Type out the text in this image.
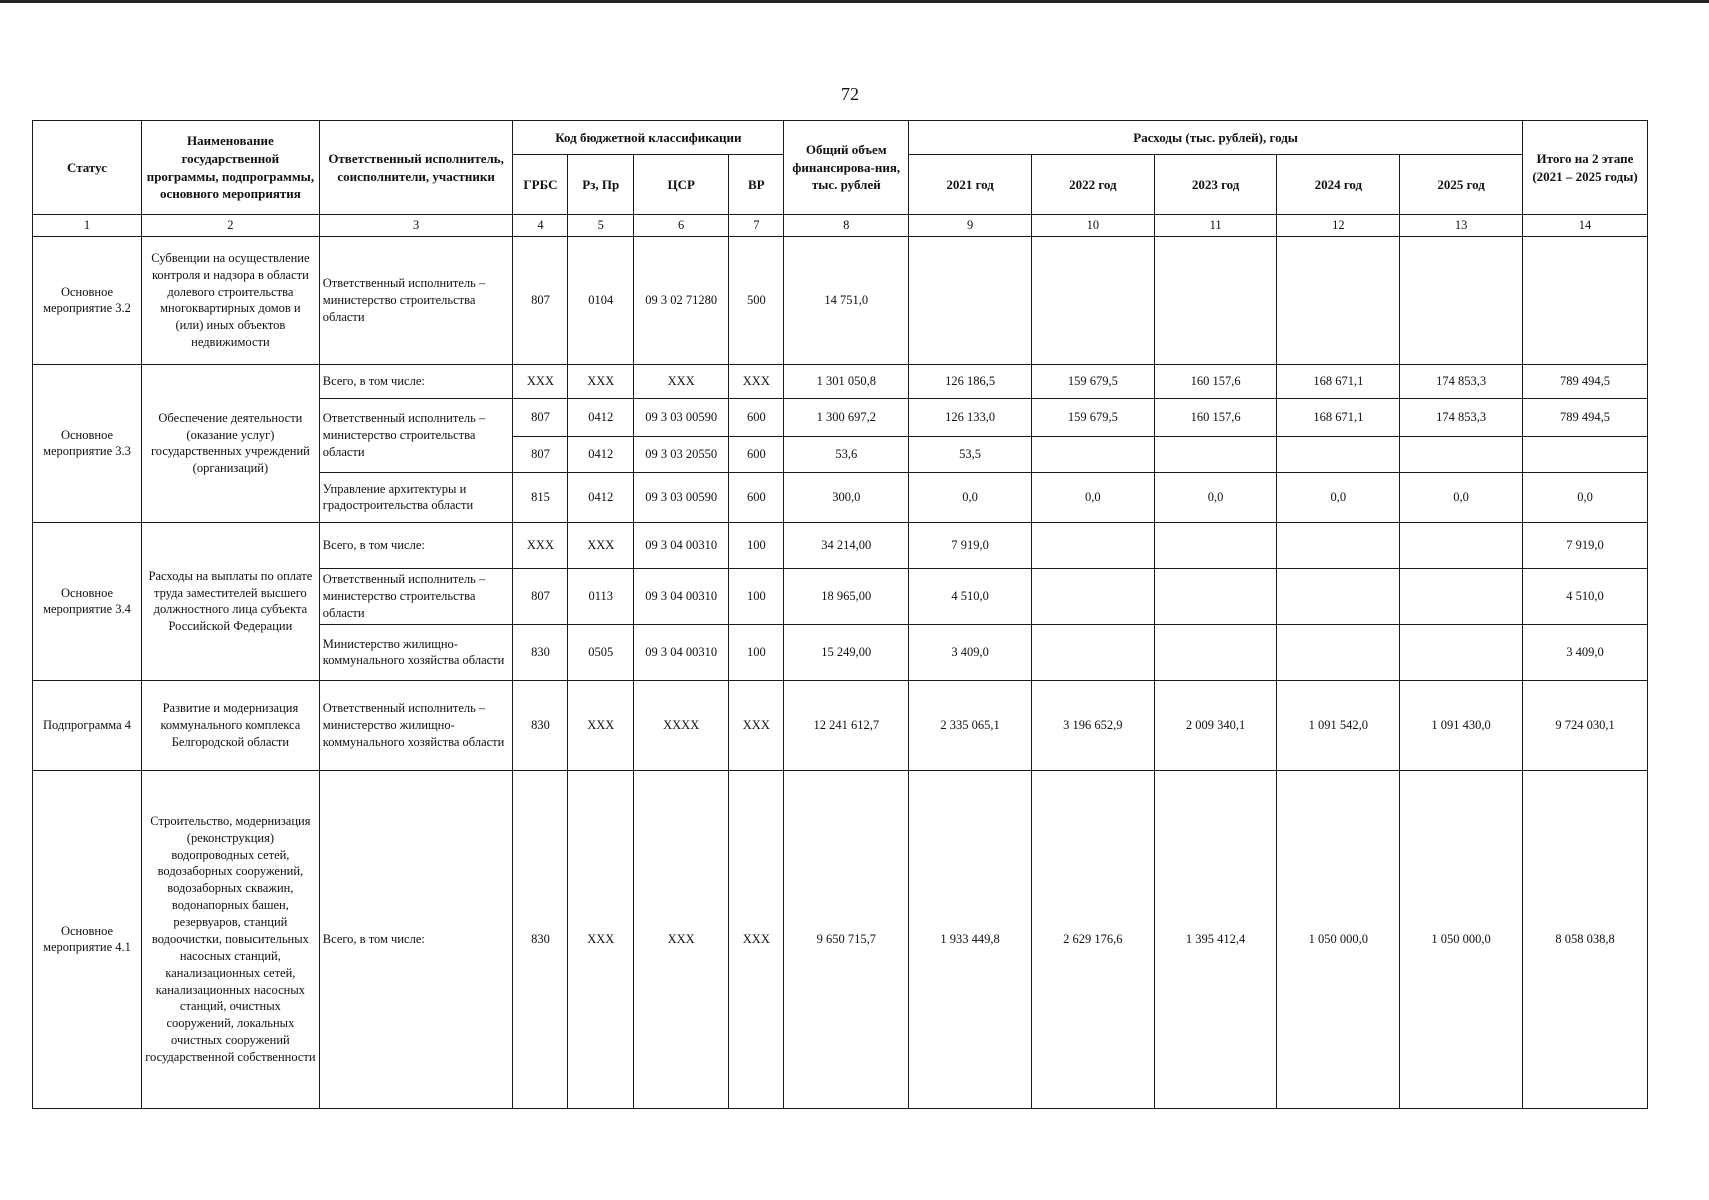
72
Статус	Наименование государственной программы, подпрограммы, основного мероприятия	Ответственный исполнитель, соисполнители, участники	Код бюджетной классификации				Общий объем финансирова-ния, тыс. рублей	Расходы (тыс. рублей), годы					Итого на 2 этапе (2021 – 2025 годы)
			ГРБС	Рз, Пр	ЦСР	ВР		2021 год	2022 год	2023 год	2024 год	2025 год	
1	2	3	4	5	6	7	8	9	10	11	12	13	14
Основное мероприятие 3.2	Субвенции на осуществление контроля и надзора в области долевого строительства многоквартирных домов и (или) иных объектов недвижимости	Ответственный исполнитель – министерство строительства области	807	0104	09 3 02 71280	500	14 751,0						
Основное мероприятие 3.3	Обеспечение деятельности (оказание услуг) государственных учреждений (организаций)	Всего, в том числе:	XXX	XXX	XXX	XXX	1 301 050,8	126 186,5	159 679,5	160 157,6	168 671,1	174 853,3	789 494,5
		Ответственный исполнитель – министерство строительства области	807	0412	09 3 03 00590	600	1 300 697,2	126 133,0	159 679,5	160 157,6	168 671,1	174 853,3	789 494,5
			807	0412	09 3 03 20550	600	53,6	53,5					
		Управление архитектуры и градостроительства области	815	0412	09 3 03 00590	600	300,0	0,0	0,0	0,0	0,0	0,0	0,0
Основное мероприятие 3.4	Расходы на выплаты по оплате труда заместителей высшего должностного лица субъекта Российской Федерации	Всего, в том числе:	XXX	XXX	09 3 04 00310	100	34 214,00	7 919,0					7 919,0
		Ответственный исполнитель – министерство строительства области	807	0113	09 3 04 00310	100	18 965,00	4 510,0					4 510,0
		Министерство жилищно-коммунального хозяйства области	830	0505	09 3 04 00310	100	15 249,00	3 409,0					3 409,0
Подпрограмма 4	Развитие и модернизация коммунального комплекса Белгородской области	Ответственный исполнитель – министерство жилищно-коммунального хозяйства области	830	XXX	XXXX	XXX	12 241 612,7	2 335 065,1	3 196 652,9	2 009 340,1	1 091 542,0	1 091 430,0	9 724 030,1
Основное мероприятие 4.1	Строительство, модернизация (реконструкция) водопроводных сетей, водозаборных сооружений, водозаборных скважин, водонапорных башен, резервуаров, станций водоочистки, повысительных насосных станций, канализационных сетей, канализационных насосных станций, очистных сооружений, локальных очистных сооружений государственной собственности	Всего, в том числе:	830	XXX	XXX	XXX	9 650 715,7	1 933 449,8	2 629 176,6	1 395 412,4	1 050 000,0	1 050 000,0	8 058 038,8
